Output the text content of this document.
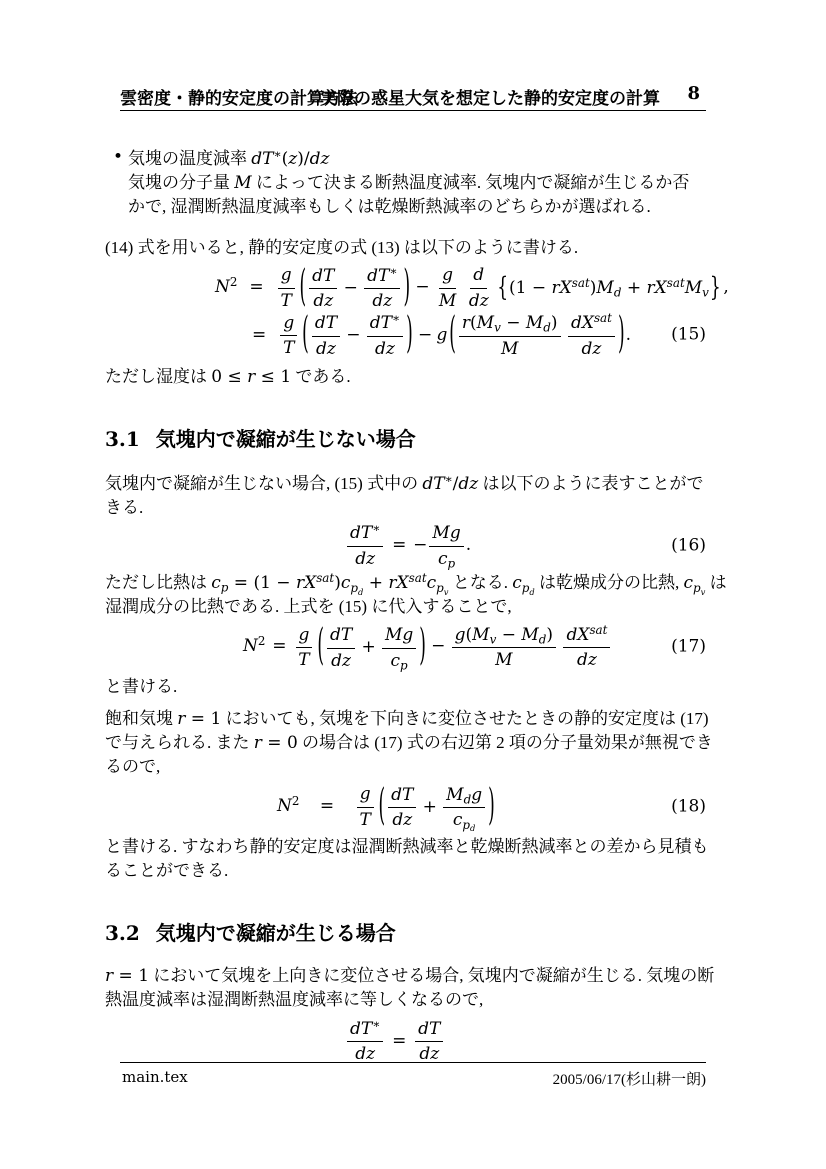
雲密度・静的安定度の計算方法
実際の惑星大気を想定した静的安定度の計算 8
• 気塊の温度減率 dT∗(z)/dz
気塊の分子量 M によって決まる断熱温度減率. 気塊内で凝縮が生じるか否
かで, 湿潤断熱温度減率もしくは乾燥断熱減率のどちらかが選ばれる.
(14) 式を用いると, 静的安定度の式 (13) は以下のように書ける.
$N^2 = \frac{g}{T}$ ( $\frac{dT}{dz} - \frac{dT^∗}{dz}$ ) − $\frac{g}{M} \frac{d}{dz} \{(1 - rX^{sat})M_d + rX^{sat}M_v\}$ ,
= $\frac{g}{T}$ ( $\frac{dT}{dz} - \frac{dT^∗}{dz}$ ) − g ( $\frac{r(M_v - M_d)}{M} \frac{dX^{sat}}{dz}$ ). (15)
ただし湿度は 0 ≤ r ≤ 1 である.
3.1 気塊内で凝縮が生じない場合
気塊内で凝縮が生じない場合, (15) 式中の dT∗/dz は以下のように表すことがで
きる.
$\frac{dT^∗}{dz}$ = − $\frac{Mg}{c_p}$ .	(16)
ただし比熱は $c_p = (1 - rX^{sat})c_{p_d} + rX^{sat}c_{p_v}$ となる. $c_{p_d}$ は乾燥成分の比熱, $c_{p_v}$ は
湿潤成分の比熱である. 上式を (15) に代入することで,
$N^2 = \frac{g}{T}$ ( $\frac{dT}{dz} + \frac{Mg}{c_p}$ ) − $\frac{g(M_v - M_d)}{M} \frac{dX^{sat}}{dz}$	(17)
と書ける.
飽和気塊 r = 1 においても, 気塊を下向きに変位させたときの静的安定度は (17)
で与えられる. また r = 0 の場合は (17) 式の右辺第 2 項の分子量効果が無視でき
るので,
$N^2 = \frac{g}{T}$ ( $\frac{dT}{dz} + \frac{M_dg}{c_{p_d}}$ )	(18)
と書ける. すなわち静的安定度は湿潤断熱減率と乾燥断熱減率との差から見積も
ることができる.
3.2 気塊内で凝縮が生じる場合
r = 1 において気塊を上向きに変位させる場合, 気塊内で凝縮が生じる. 気塊の断
熱温度減率は湿潤断熱温度減率に等しくなるので,
$\frac{dT^∗}{dz} = \frac{dT}{dz}$
main.tex	2005/06/17(杉山耕一朗)
